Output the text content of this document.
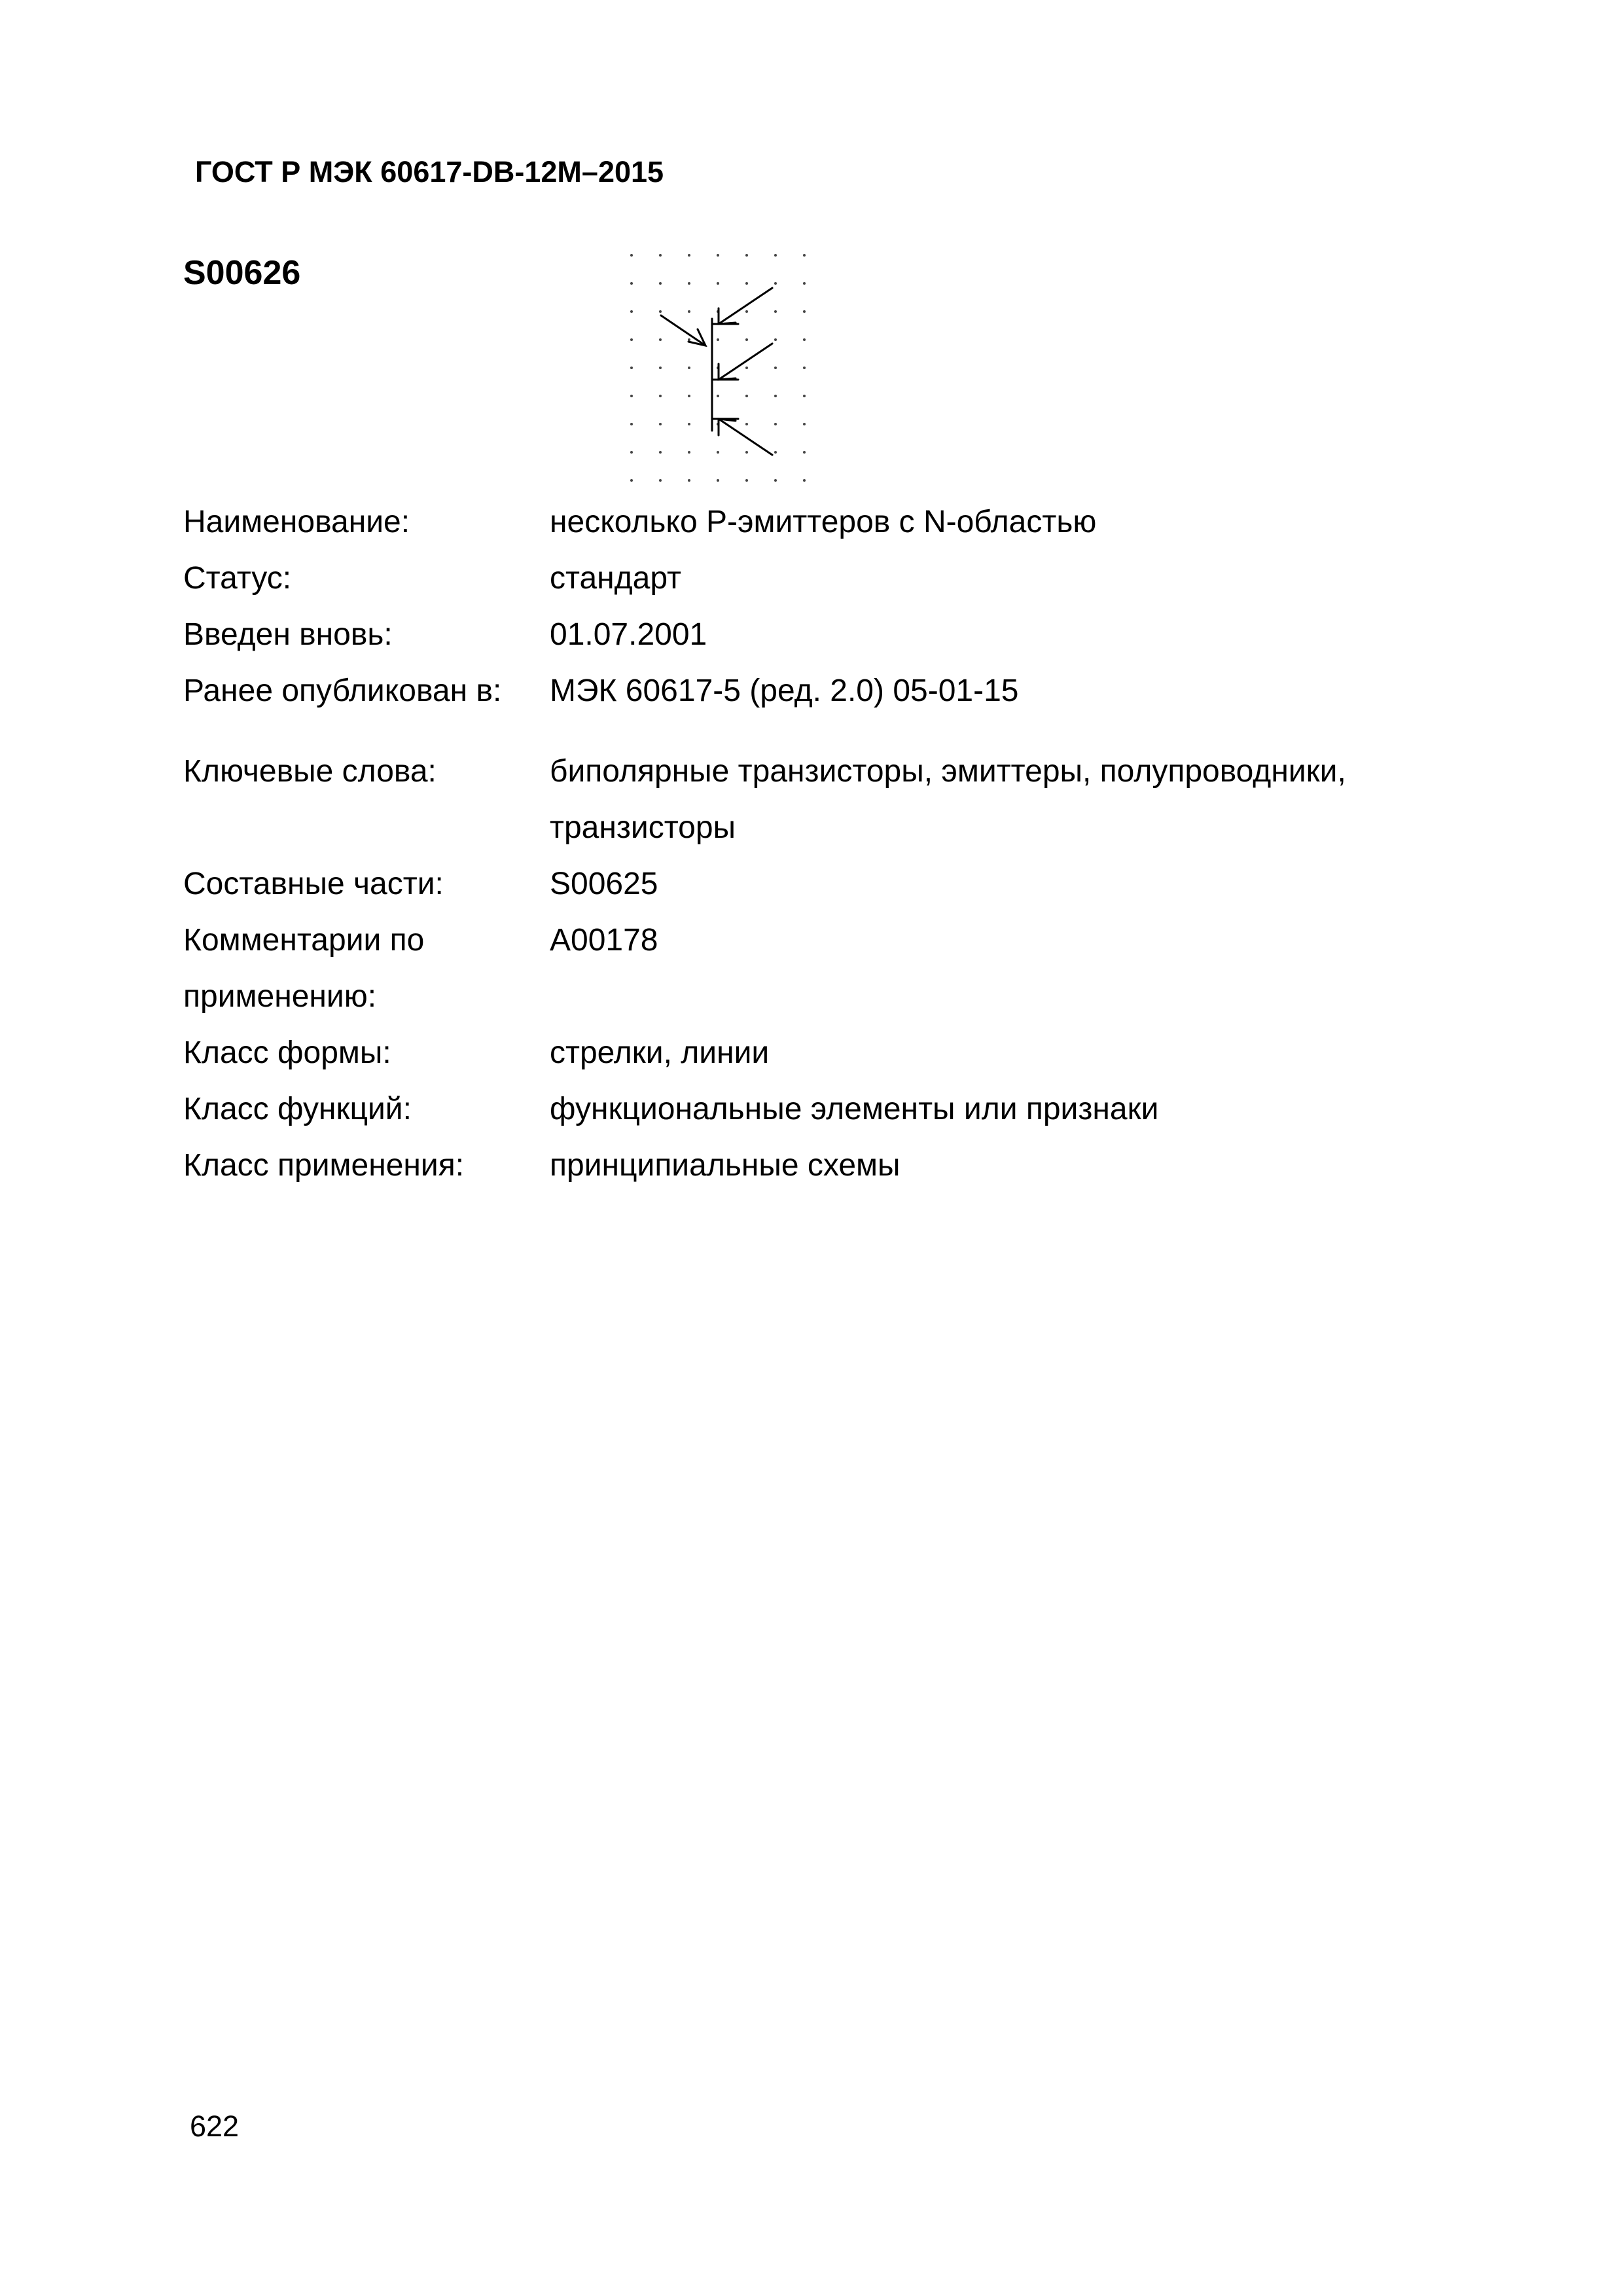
ГОСТ Р МЭК 60617-DB-12M–2015
S00626
Наименование:	несколько P-эмиттеров с N-областью
Статус:	стандарт
Введен вновь:	01.07.2001
Ранее опубликован в: МЭК 60617-5 (ред. 2.0) 05-01-15
Ключевые слова:	биполярные транзисторы, эмиттеры, полупроводники,
транзисторы
Составные части:	S00625
Комментарии по
применению:
A00178
Класс формы:	стрелки, линии
Класс функций:	функциональные элементы или признаки
Класс применения:	принципиальные схемы
622
